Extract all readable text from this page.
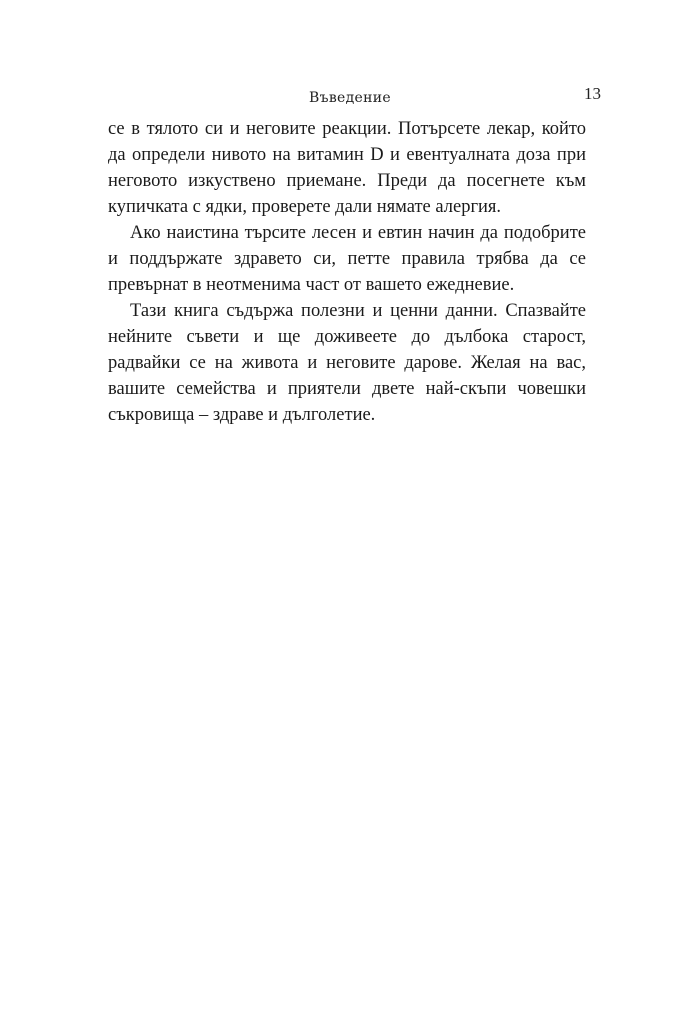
Въведение	13

се в тялото си и неговите реакции. Потърсете лекар, който да определи нивото на витамин D и евентуалната доза при неговото изкуствено приемане. Преди да посегнете към купичката с ядки, проверете дали нямате алергия.

Ако наистина търсите лесен и евтин начин да подобрите и поддържате здравето си, петте правила трябва да се превърнат в неотменима част от вашето ежедневие.

Тази книга съдържа полезни и ценни данни. Спазвайте нейните съвети и ще доживеете до дълбока старост, радвайки се на живота и неговите дарове. Желая на вас, вашите семейства и приятели двете най-скъпи човешки съкровища – здраве и дълголетие.
